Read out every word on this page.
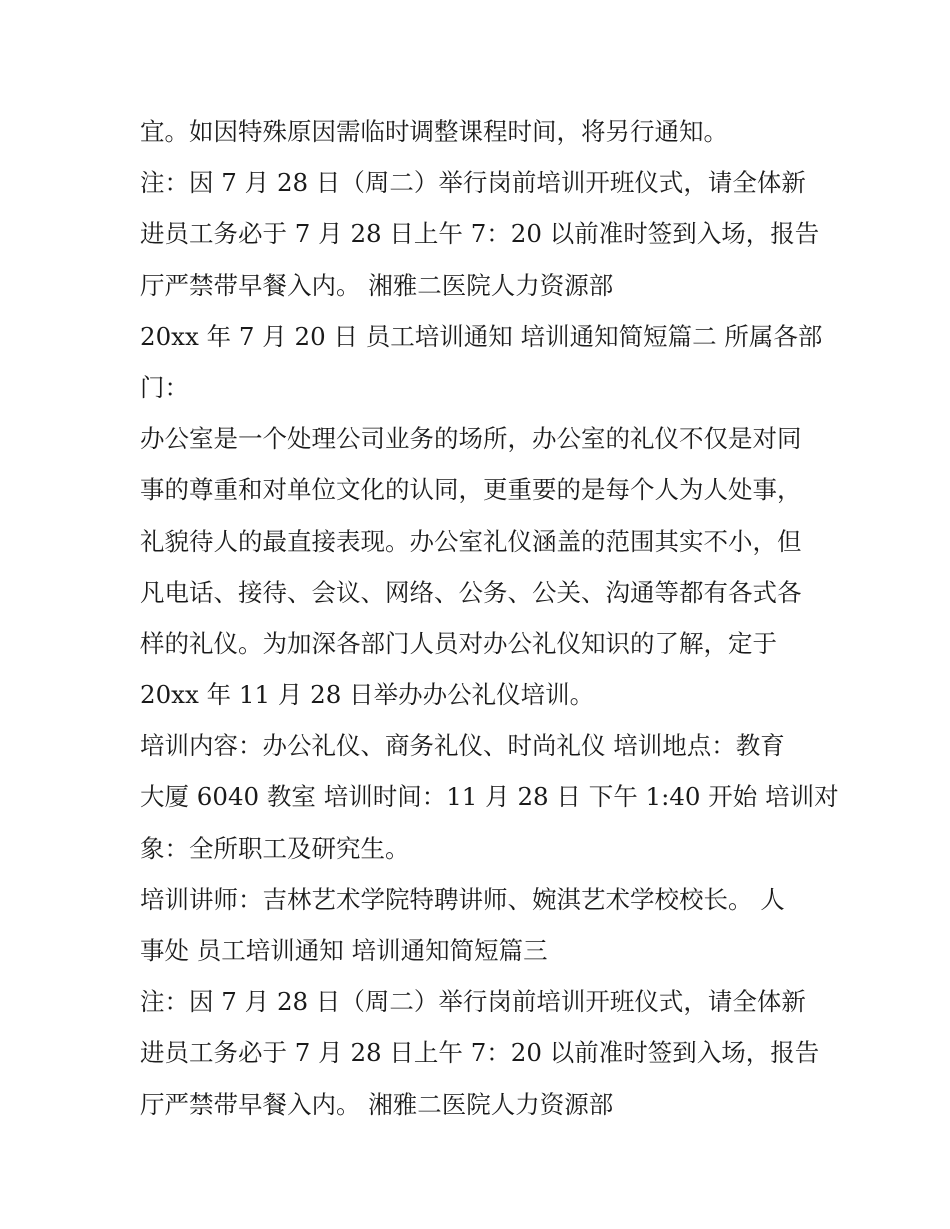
宜。如因特殊原因需临时调整课程时间，将另行通知。
注：因 7 月 28 日（周二）举行岗前培训开班仪式，请全体新
进员工务必于 7 月 28 日上午 7：20 以前准时签到入场，报告
厅严禁带早餐入内。 湘雅二医院人力资源部
20xx 年 7 月 20 日 员工培训通知 培训通知简短篇二 所属各部
门：
办公室是一个处理公司业务的场所，办公室的礼仪不仅是对同
事的尊重和对单位文化的认同，更重要的是每个人为人处事，
礼貌待人的最直接表现。办公室礼仪涵盖的范围其实不小，但
凡电话、接待、会议、网络、公务、公关、沟通等都有各式各
样的礼仪。为加深各部门人员对办公礼仪知识的了解，定于
20xx 年 11 月 28 日举办办公礼仪培训。
培训内容：办公礼仪、商务礼仪、时尚礼仪 培训地点：教育
大厦 6040 教室 培训时间：11 月 28 日 下午 1:40 开始 培训对
象：全所职工及研究生。
培训讲师：吉林艺术学院特聘讲师、婉淇艺术学校校长。 人
事处 员工培训通知 培训通知简短篇三
注：因 7 月 28 日（周二）举行岗前培训开班仪式，请全体新
进员工务必于 7 月 28 日上午 7：20 以前准时签到入场，报告
厅严禁带早餐入内。 湘雅二医院人力资源部
